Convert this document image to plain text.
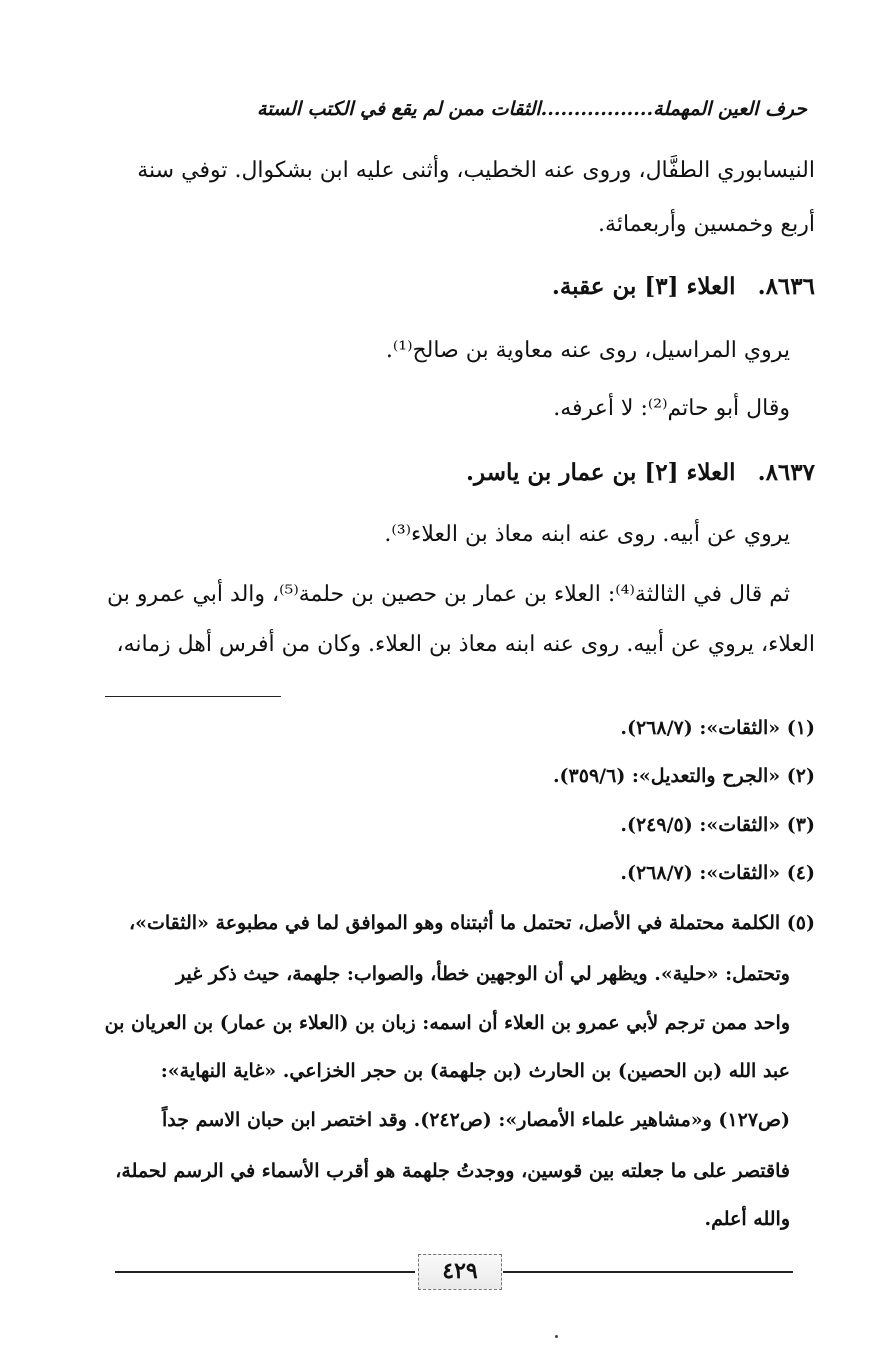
حرف العين المهملة.................الثقات ممن لم يقع في الكتب الستة
النيسابوري الطفَّال، وروى عنه الخطيب، وأثنى عليه ابن بشكوال. توفي سنة
أربع وخمسين وأربعمائة.
٨٦٣٦.العلاء [٣] بن عقبة.
يروي المراسيل، روى عنه معاوية بن صالح⁽¹⁾.
وقال أبو حاتم⁽²⁾: لا أعرفه.
٨٦٣٧.العلاء [٢] بن عمار بن ياسر.
يروي عن أبيه. روى عنه ابنه معاذ بن العلاء⁽³⁾.
ثم قال في الثالثة⁽⁴⁾: العلاء بن عمار بن حصين بن حلمة⁽⁵⁾، والد أبي عمرو بن
العلاء، يروي عن أبيه. روى عنه ابنه معاذ بن العلاء. وكان من أفرس أهل زمانه،
(١) «الثقات»: (٢٦٨/٧).
(٢) «الجرح والتعديل»: (٣٥٩/٦).
(٣) «الثقات»: (٢٤٩/٥).
(٤) «الثقات»: (٢٦٨/٧).
(٥) الكلمة محتملة في الأصل، تحتمل ما أثبتناه وهو الموافق لما في مطبوعة «الثقات»،
وتحتمل: «حلية». ويظهر لي أن الوجهين خطأ، والصواب: جلهمة، حيث ذكر غير
واحد ممن ترجم لأبي عمرو بن العلاء أن اسمه: زبان بن (العلاء بن عمار) بن العريان بن
عبد الله (بن الحصين) بن الحارث (بن جلهمة) بن حجر الخزاعي. «غاية النهاية»:
(ص١٢٧) و«مشاهير علماء الأمصار»: (ص٢٤٢). وقد اختصر ابن حبان الاسم جداً
فاقتصر على ما جعلته بين قوسين، ووجدتُ جلهمة هو أقرب الأسماء في الرسم لحملة،
والله أعلم.
٤٢٩
